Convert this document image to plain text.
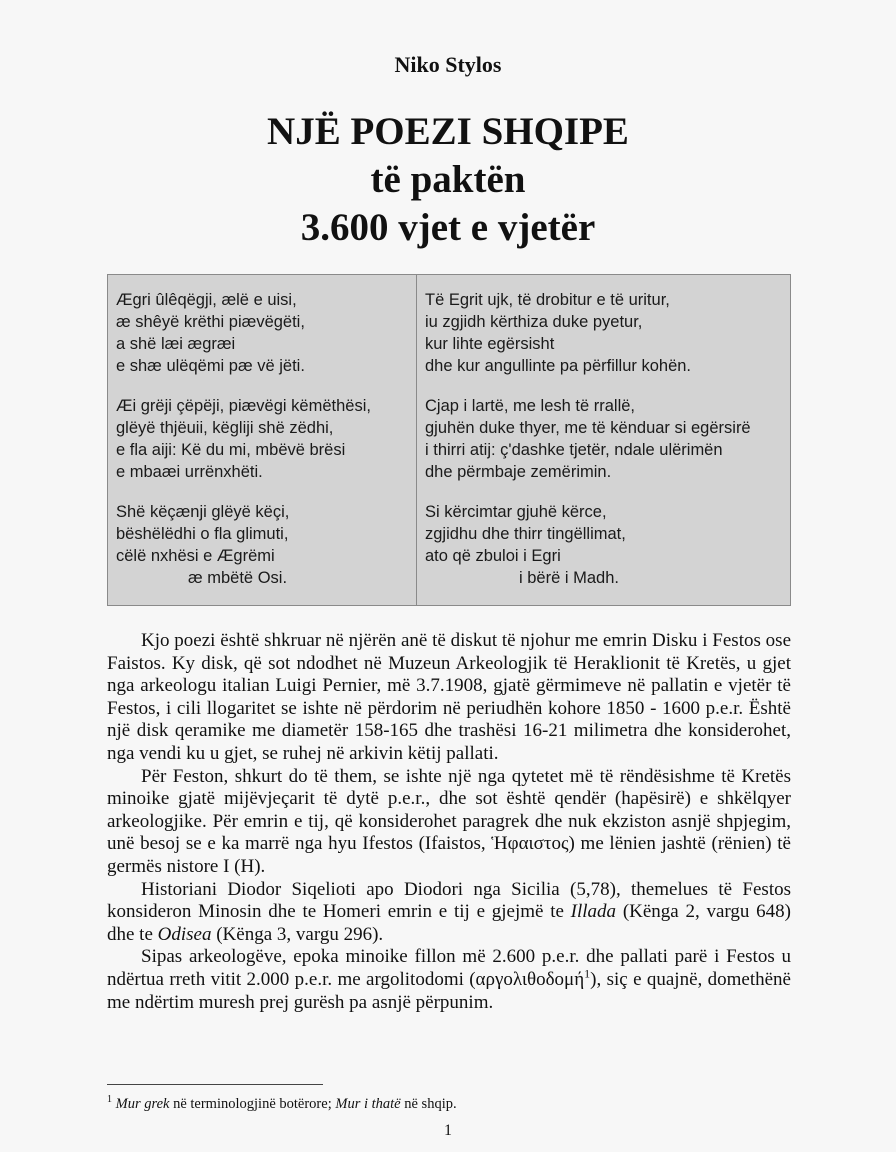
Niko Stylos
NJË POEZI SHQIPE
të paktën
3.600 vjet e vjetër
Ægri ûlêqëgji, ælë e uisi,
æ shêyë krëthi piævëgëti,
a shë læi ægræi
e shæ ulëqëmi pæ vë jëti.
Æi grëji çëpëji, piævëgi këmëthësi,
glëyë thjëuii, këgliji shë zëdhi,
e fla aiji: Kë du mi, mbëvë brësi
e mbaæi urrënxhëti.
Shë këçænji glëyë këçi,
bëshëlëdhi o fla glimuti,
cëlë nxhësi e Ægrëmi
æ mbëtë Osi.
Të Egrit ujk, të drobitur e të uritur,
iu zgjidh kërthiza duke pyetur,
kur lihte egërsisht
dhe kur angullinte pa përfillur kohën.
Cjap i lartë, me lesh të rrallë,
gjuhën duke thyer, me të kënduar si egërsirë
i thirri atij: ç'dashke tjetër, ndale ulërimën
dhe përmbaje zemërimin.
Si kërcimtar gjuhë kërce,
zgjidhu dhe thirr tingëllimat,
ato që zbuloi i Egri
i bërë i Madh.

Kjo poezi është shkruar në njërën anë të diskut të njohur me emrin Disku i Festos ose Faistos. Ky disk, që sot ndodhet në Muzeun Arkeologjik të Heraklionit të Kretës, u gjet nga arkeologu italian Luigi Pernier, më 3.7.1908, gjatë gërmimeve në pallatin e vjetër të Festos, i cili llogaritet se ishte në përdorim në periudhën kohore 1850 - 1600 p.e.r. Është një disk qeramike me diametër 158-165 dhe trashësi 16-21 milimetra dhe konsiderohet, nga vendi ku u gjet, se ruhej në arkivin këtij pallati.

Për Feston, shkurt do të them, se ishte një nga qytetet më të rëndësishme të Kretës minoike gjatë mijëvjeçarit të dytë p.e.r., dhe sot është qendër (hapësirë) e shkëlqyer arkeologjike. Për emrin e tij, që konsiderohet paragrek dhe nuk ekziston asnjë shpjegim, unë besoj se e ka marrë nga hyu Ifestos (Ifaistos, Ἡφαιστος) me lënien jashtë (rënien) të germës nistore I (H).

Historiani Diodor Siqelioti apo Diodori nga Sicilia (5,78), themelues të Festos konsideron Minosin dhe te Homeri emrin e tij e gjejmë te Illada (Kënga 2, vargu 648) dhe te Odisea (Kënga 3, vargu 296).

Sipas arkeologëve, epoka minoike fillon më 2.600 p.e.r. dhe pallati parë i Festos u ndërtua rreth vitit 2.000 p.e.r. me argolitodomi (αργολιθοδομή$^1$), siç e quajnë, domethënë me ndërtim muresh prej gurësh pa asnjë përpunim.

$^1$ Mur grek në terminologjinë botërore; Mur i thatë në shqip.
1
